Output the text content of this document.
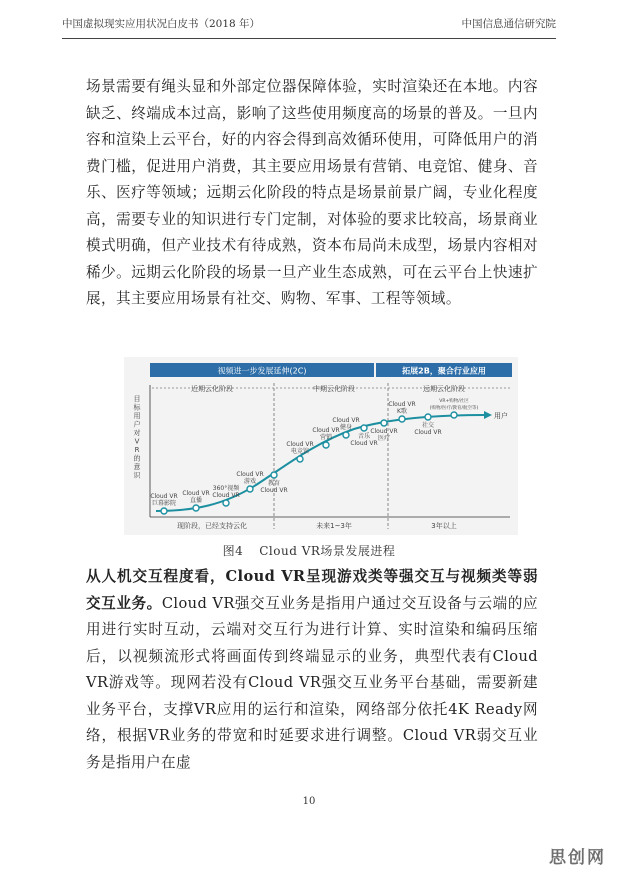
中国虚拟现实应用状况白皮书（2018 年）	中国信息通信研究院

场景需要有绳头显和外部定位器保障体验，实时渲染还在本地。内容缺乏、终端成本过高，影响了这些使用频度高的场景的普及。一旦内容和渲染上云平台，好的内容会得到高效循环使用，可降低用户的消费门槛，促进用户消费，其主要应用场景有营销、电竞馆、健身、音乐、医疗等领域；远期云化阶段的特点是场景前景广阔，专业化程度高，需要专业的知识进行专门定制，对体验的要求比较高，场景商业模式明确，但产业技术有待成熟，资本布局尚未成型，场景内容相对稀少。远期云化阶段的场景一旦产业生态成熟，可在云平台上快速扩展，其主要应用场景有社交、购物、军事、工程等领域。

视频进一步发展延伸(2C)	拓展2B，聚合行业应用
近期云化阶段	中期云化阶段	远期云化阶段
目
标
用
户
对
V
R
的
意
识
用户
Cloud VR
巨幕影院
Cloud VR
直播
360°视频
Cloud VR
Cloud VR
游戏 教育
Cloud VR
Cloud VR
电竞馆
Cloud VR
营销
Cloud VR
健身
音乐
Cloud VR
Cloud VR
医疗
Cloud VR
K歌
社交
Cloud VR
VR+购物/社区
(购物/医疗/教育/航空等)
现阶段，已经支持云化	未来1~3年	3年以上
图4 Cloud VR场景发展进程

从人机交互程度看，Cloud VR呈现游戏类等强交互与视频类等弱交互业务。Cloud VR强交互业务是指用户通过交互设备与云端的应用进行实时互动，云端对交互行为进行计算、实时渲染和编码压缩后，以视频流形式将画面传到终端显示的业务，典型代表有Cloud VR游戏等。现网若没有Cloud VR强交互业务平台基础，需要新建业务平台，支撑VR应用的运行和渲染，网络部分依托4K Ready网络，根据VR业务的带宽和时延要求进行调整。Cloud VR弱交互业务是指用户在虚

10
思创网
